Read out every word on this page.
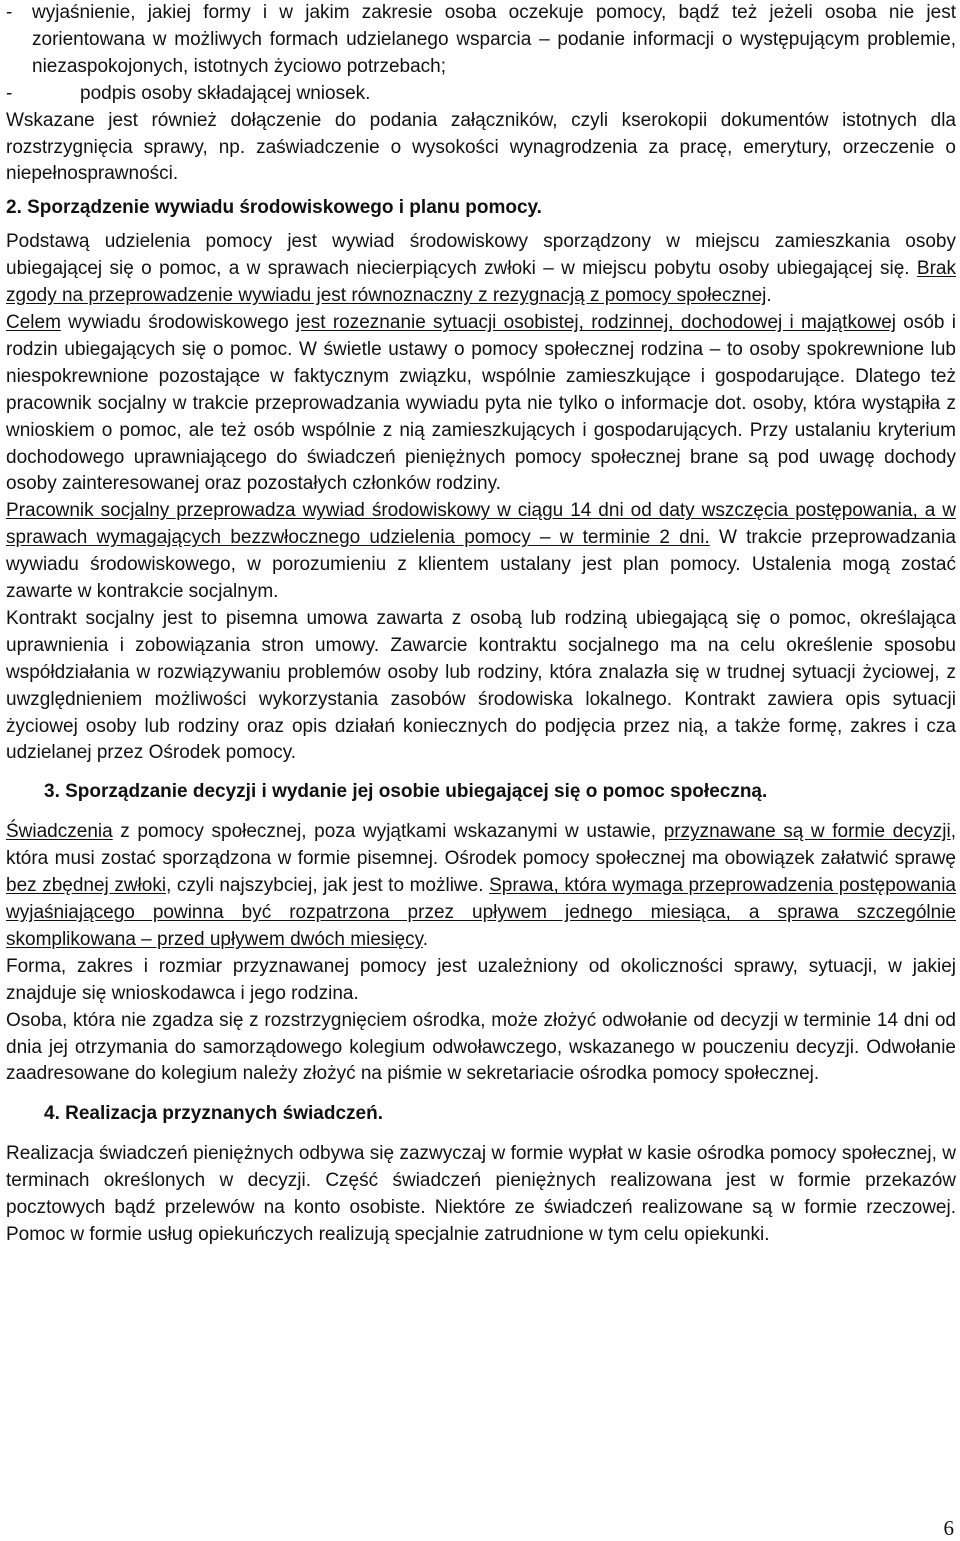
-	wyjaśnienie, jakiej formy i w jakim zakresie osoba oczekuje pomocy, bądź też jeżeli osoba nie jest zorientowana w możliwych formach udzielanego wsparcia – podanie informacji o występującym problemie, niezaspokojonych, istotnych życiowo potrzebach;
-	podpis osoby składającej wniosek.

Wskazane jest również dołączenie do podania załączników, czyli kserokopii dokumentów istotnych dla rozstrzygnięcia sprawy, np. zaświadczenie o wysokości wynagrodzenia za pracę, emerytury, orzeczenie o niepełnosprawności.

2. Sporządzenie wywiadu środowiskowego i planu pomocy.

Podstawą udzielenia pomocy jest wywiad środowiskowy sporządzony w miejscu zamieszkania osoby ubiegającej się o pomoc, a w sprawach niecierpiących zwłoki – w miejscu pobytu osoby ubiegającej się. Brak zgody na przeprowadzenie wywiadu jest równoznaczny z rezygnacją z pomocy społecznej.

Celem wywiadu środowiskowego jest rozeznanie sytuacji osobistej, rodzinnej, dochodowej i majątkowej osób i rodzin ubiegających się o pomoc. W świetle ustawy o pomocy społecznej rodzina – to osoby spokrewnione lub niespokrewnione pozostające w faktycznym związku, wspólnie zamieszkujące i gospodarujące. Dlatego też pracownik socjalny w trakcie przeprowadzania wywiadu pyta nie tylko o informacje dot. osoby, która wystąpiła z wnioskiem o pomoc, ale też osób wspólnie z nią zamieszkujących i gospodarujących. Przy ustalaniu kryterium dochodowego uprawniającego do świadczeń pieniężnych pomocy społecznej brane są pod uwagę dochody osoby zainteresowanej oraz pozostałych członków rodziny.

Pracownik socjalny przeprowadza wywiad środowiskowy w ciągu 14 dni od daty wszczęcia postępowania, a w sprawach wymagających bezzwłocznego udzielenia pomocy – w terminie 2 dni. W trakcie przeprowadzania wywiadu środowiskowego, w porozumieniu z klientem ustalany jest plan pomocy. Ustalenia mogą zostać zawarte w kontrakcie socjalnym.

Kontrakt socjalny jest to pisemna umowa zawarta z osobą lub rodziną ubiegającą się o pomoc, określająca uprawnienia i zobowiązania stron umowy. Zawarcie kontraktu socjalnego ma na celu określenie sposobu współdziałania w rozwiązywaniu problemów osoby lub rodziny, która znalazła się w trudnej sytuacji życiowej, z uwzględnieniem możliwości wykorzystania zasobów środowiska lokalnego. Kontrakt zawiera opis sytuacji życiowej osoby lub rodziny oraz opis działań koniecznych do podjęcia przez nią, a także formę, zakres i cza udzielanej przez Ośrodek pomocy.

3. Sporządzanie decyzji i wydanie jej osobie ubiegającej się o pomoc społeczną.

Świadczenia z pomocy społecznej, poza wyjątkami wskazanymi w ustawie, przyznawane są w formie decyzji, która musi zostać sporządzona w formie pisemnej. Ośrodek pomocy społecznej ma obowiązek załatwić sprawę bez zbędnej zwłoki, czyli najszybciej, jak jest to możliwe. Sprawa, która wymaga przeprowadzenia postępowania wyjaśniającego powinna być rozpatrzona przez upływem jednego miesiąca, a sprawa szczególnie skomplikowana – przed upływem dwóch miesięcy.

Forma, zakres i rozmiar przyznawanej pomocy jest uzależniony od okoliczności sprawy, sytuacji, w jakiej znajduje się wnioskodawca i jego rodzina.

Osoba, która nie zgadza się z rozstrzygnięciem ośrodka, może złożyć odwołanie od decyzji w terminie 14 dni od dnia jej otrzymania do samorządowego kolegium odwoławczego, wskazanego w pouczeniu decyzji. Odwołanie zaadresowane do kolegium należy złożyć na piśmie w sekretariacie ośrodka pomocy społecznej.

4. Realizacja przyznanych świadczeń.

Realizacja świadczeń pieniężnych odbywa się zazwyczaj w formie wypłat w kasie ośrodka pomocy społecznej, w terminach określonych w decyzji. Część świadczeń pieniężnych realizowana jest w formie przekazów pocztowych bądź przelewów na konto osobiste. Niektóre ze świadczeń realizowane są w formie rzeczowej. Pomoc w formie usług opiekuńczych realizują specjalnie zatrudnione w tym celu opiekunki.

6
